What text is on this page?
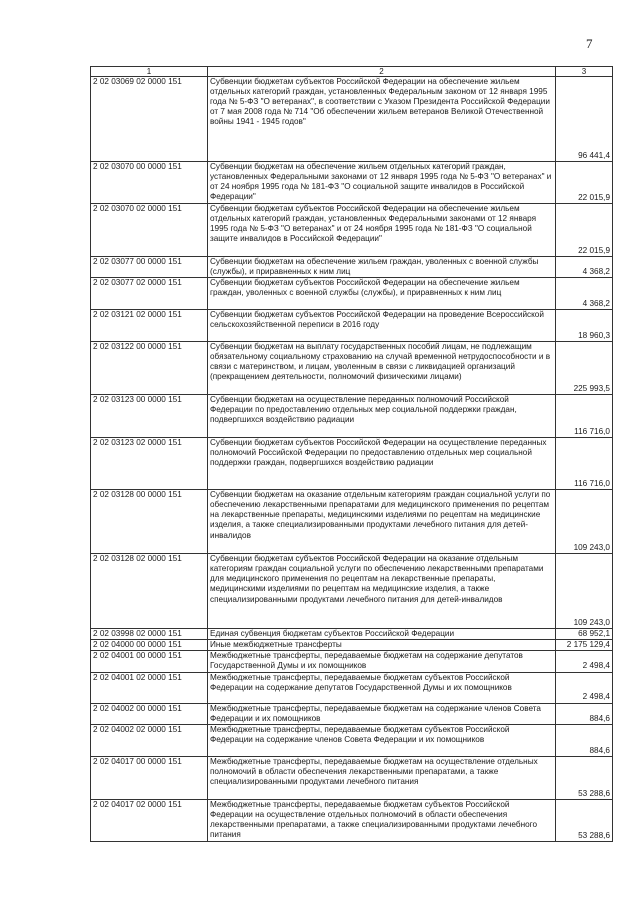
7
1	2	3
2 02 03069 02 0000 151	Субвенции бюджетам субъектов Российской Федерации на обеспечение жильем отдельных категорий граждан, установленных Федеральным законом от 12 января 1995 года № 5-ФЗ "О ветеранах", в соответствии с Указом Президента Российской Федерации от 7 мая 2008 года № 714 "Об обеспечении жильем ветеранов Великой Отечественной войны 1941 - 1945 годов"	96 441,4
2 02 03070 00 0000 151	Субвенции бюджетам на обеспечение жильем отдельных категорий граждан, установленных Федеральными законами от 12 января 1995 года № 5-ФЗ "О ветеранах" и от 24 ноября 1995 года № 181-ФЗ "О социальной защите инвалидов в Российской Федерации"	22 015,9
2 02 03070 02 0000 151	Субвенции бюджетам субъектов Российской Федерации на обеспечение жильем отдельных категорий граждан, установленных Федеральными законами от 12 января 1995 года № 5-ФЗ "О ветеранах" и от 24 ноября 1995 года № 181-ФЗ "О социальной защите инвалидов в Российской Федерации"	22 015,9
2 02 03077 00 0000 151	Субвенции бюджетам на обеспечение жильем граждан, уволенных с военной службы (службы), и приравненных к ним лиц	4 368,2
2 02 03077 02 0000 151	Субвенции бюджетам субъектов Российской Федерации на обеспечение жильем граждан, уволенных с военной службы (службы), и приравненных к ним лиц	4 368,2
2 02 03121 02 0000 151	Субвенции бюджетам субъектов Российской Федерации на проведение Всероссийской сельскохозяйственной переписи в 2016 году	18 960,3
2 02 03122 00 0000 151	Субвенции бюджетам на выплату государственных пособий лицам, не подлежащим обязательному социальному страхованию на случай временной нетрудоспособности и в связи с материнством, и лицам, уволенным в связи с ликвидацией организаций (прекращением деятельности, полномочий физическими лицами)	225 993,5
2 02 03123 00 0000 151	Субвенции бюджетам на осуществление переданных полномочий Российской Федерации по предоставлению отдельных мер социальной поддержки граждан, подвергшихся воздействию радиации	116 716,0
2 02 03123 02 0000 151	Субвенции бюджетам субъектов Российской Федерации на осуществление переданных полномочий Российской Федерации по предоставлению отдельных мер социальной поддержки граждан, подвергшихся воздействию радиации	116 716,0
2 02 03128 00 0000 151	Субвенции бюджетам на оказание отдельным категориям граждан социальной услуги по обеспечению лекарственными препаратами для медицинского применения по рецептам на лекарственные препараты, медицинскими изделиями по рецептам на медицинские изделия, а также специализированными продуктами лечебного питания для детей-инвалидов	109 243,0
2 02 03128 02 0000 151	Субвенции бюджетам субъектов Российской Федерации на оказание отдельным категориям граждан социальной услуги по обеспечению лекарственными препаратами для медицинского применения по рецептам на лекарственные препараты, медицинскими изделиями по рецептам на медицинские изделия, а также специализированными продуктами лечебного питания для детей-инвалидов	109 243,0
2 02 03998 02 0000 151	Единая субвенция бюджетам субъектов Российской Федерации	68 952,1
2 02 04000 00 0000 151	Иные межбюджетные трансферты	2 175 129,4
2 02 04001 00 0000 151	Межбюджетные трансферты, передаваемые бюджетам на содержание депутатов Государственной Думы и их помощников	2 498,4
2 02 04001 02 0000 151	Межбюджетные трансферты, передаваемые бюджетам субъектов Российской Федерации на содержание депутатов Государственной Думы и их помощников	2 498,4
2 02 04002 00 0000 151	Межбюджетные трансферты, передаваемые бюджетам на содержание членов Совета Федерации и их помощников	884,6
2 02 04002 02 0000 151	Межбюджетные трансферты, передаваемые бюджетам субъектов Российской Федерации на содержание членов Совета Федерации и их помощников	884,6
2 02 04017 00 0000 151	Межбюджетные трансферты, передаваемые бюджетам на осуществление отдельных полномочий в области обеспечения лекарственными препаратами, а также специализированными продуктами лечебного питания	53 288,6
2 02 04017 02 0000 151	Межбюджетные трансферты, передаваемые бюджетам субъектов Российской Федерации на осуществление отдельных полномочий в области обеспечения лекарственными препаратами, а также специализированными продуктами лечебного питания	53 288,6
